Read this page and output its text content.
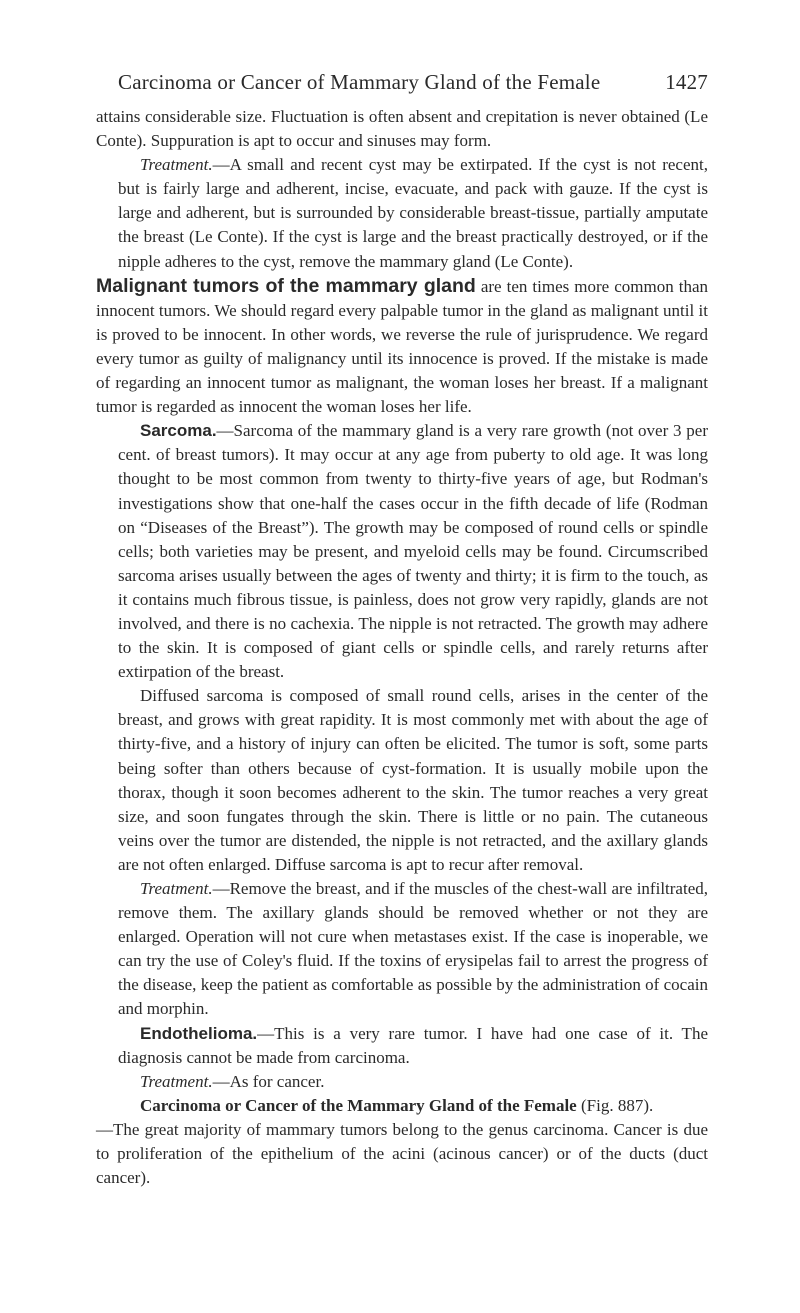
Carcinoma or Cancer of Mammary Gland of the Female	1427

attains considerable size. Fluctuation is often absent and crepitation is never obtained (Le Conte). Suppuration is apt to occur and sinuses may form.

Treatment.—A small and recent cyst may be extirpated. If the cyst is not recent, but is fairly large and adherent, incise, evacuate, and pack with gauze. If the cyst is large and adherent, but is surrounded by considerable breast-tissue, partially amputate the breast (Le Conte). If the cyst is large and the breast practically destroyed, or if the nipple adheres to the cyst, remove the mammary gland (Le Conte).

Malignant tumors of the mammary gland are ten times more common than innocent tumors. We should regard every palpable tumor in the gland as malignant until it is proved to be innocent. In other words, we reverse the rule of jurisprudence. We regard every tumor as guilty of malignancy until its innocence is proved. If the mistake is made of regarding an innocent tumor as malignant, the woman loses her breast. If a malignant tumor is regarded as innocent the woman loses her life.

Sarcoma.—Sarcoma of the mammary gland is a very rare growth (not over 3 per cent. of breast tumors). It may occur at any age from puberty to old age. It was long thought to be most common from twenty to thirty-five years of age, but Rodman's investigations show that one-half the cases occur in the fifth decade of life (Rodman on “Diseases of the Breast”). The growth may be composed of round cells or spindle cells; both varieties may be present, and myeloid cells may be found. Circumscribed sarcoma arises usually between the ages of twenty and thirty; it is firm to the touch, as it contains much fibrous tissue, is painless, does not grow very rapidly, glands are not involved, and there is no cachexia. The nipple is not retracted. The growth may adhere to the skin. It is composed of giant cells or spindle cells, and rarely returns after extirpation of the breast.

Diffused sarcoma is composed of small round cells, arises in the center of the breast, and grows with great rapidity. It is most commonly met with about the age of thirty-five, and a history of injury can often be elicited. The tumor is soft, some parts being softer than others because of cyst-formation. It is usually mobile upon the thorax, though it soon becomes adherent to the skin. The tumor reaches a very great size, and soon fungates through the skin. There is little or no pain. The cutaneous veins over the tumor are distended, the nipple is not retracted, and the axillary glands are not often enlarged. Diffuse sarcoma is apt to recur after removal.

Treatment.—Remove the breast, and if the muscles of the chest-wall are infiltrated, remove them. The axillary glands should be removed whether or not they are enlarged. Operation will not cure when metastases exist. If the case is inoperable, we can try the use of Coley's fluid. If the toxins of erysipelas fail to arrest the progress of the disease, keep the patient as comfortable as possible by the administration of cocain and morphin.

Endothelioma.—This is a very rare tumor. I have had one case of it. The diagnosis cannot be made from carcinoma.

Treatment.—As for cancer.

Carcinoma or Cancer of the Mammary Gland of the Female (Fig. 887).

—The great majority of mammary tumors belong to the genus carcinoma. Cancer is due to proliferation of the epithelium of the acini (acinous cancer) or of the ducts (duct cancer).
